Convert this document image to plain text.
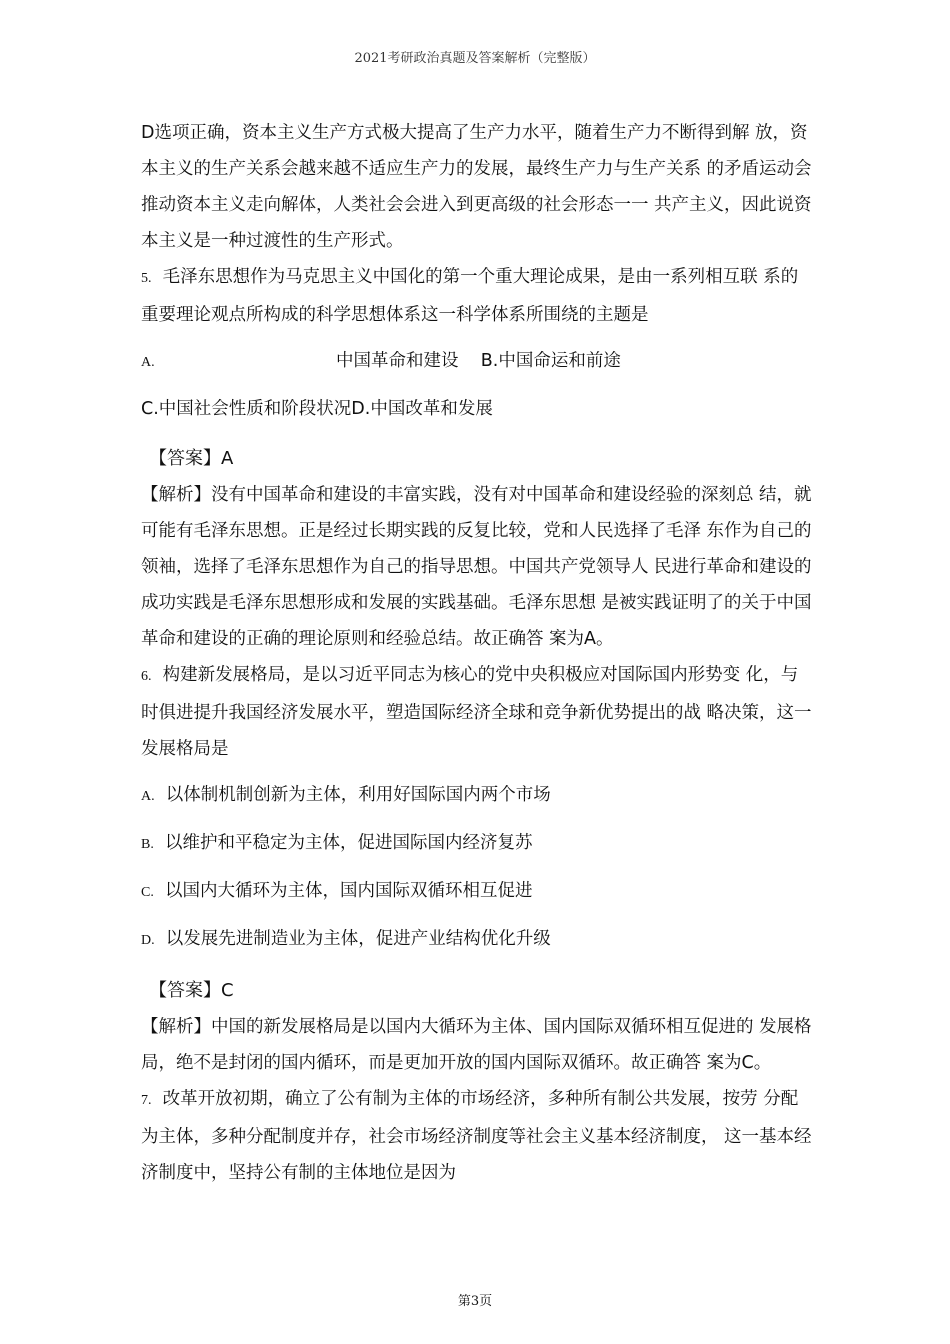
2021考研政治真题及答案解析（完整版）

D选项正确，资本主义生产方式极大提高了生产力水平，随着生产力不断得到解 放，资本主义的生产关系会越来越不适应生产力的发展，最终生产力与生产关系 的矛盾运动会推动资本主义走向解体，人类社会会进入到更高级的社会形态一一 共产主义，因此说资本主义是一种过渡性的生产形式。

5. 毛泽东思想作为马克思主义中国化的第一个重大理论成果，是由一系列相互联 系的重要理论观点所构成的科学思想体系这一科学体系所围绕的主题是

A.	中国革命和建设 B.中国命运和前途

C.中国社会性质和阶段状况D.中国改革和发展

【答案】A

【解析】没有中国革命和建设的丰富实践，没有对中国革命和建设经验的深刻总 结，就可能有毛泽东思想。正是经过长期实践的反复比较，党和人民选择了毛泽 东作为自己的领袖，选择了毛泽东思想作为自己的指导思想。中国共产党领导人 民进行革命和建设的成功实践是毛泽东思想形成和发展的实践基础。毛泽东思想 是被实践证明了的关于中国革命和建设的正确的理论原则和经验总结。故正确答 案为A。

6. 构建新发展格局，是以习近平同志为核心的党中央积极应对国际国内形势变 化，与时俱进提升我国经济发展水平，塑造国际经济全球和竞争新优势提出的战 略决策，这一发展格局是

A. 以体制机制创新为主体，利用好国际国内两个市场

B. 以维护和平稳定为主体，促进国际国内经济复苏

C. 以国内大循环为主体，国内国际双循环相互促进

D. 以发展先进制造业为主体，促进产业结构优化升级

【答案】C

【解析】中国的新发展格局是以国内大循环为主体、国内国际双循环相互促进的 发展格局，绝不是封闭的国内循环，而是更加开放的国内国际双循环。故正确答 案为C。

7. 改革开放初期，确立了公有制为主体的市场经济，多种所有制公共发展，按劳 分配为主体，多种分配制度并存，社会市场经济制度等社会主义基本经济制度， 这一基本经济制度中，坚持公有制的主体地位是因为

第3页
